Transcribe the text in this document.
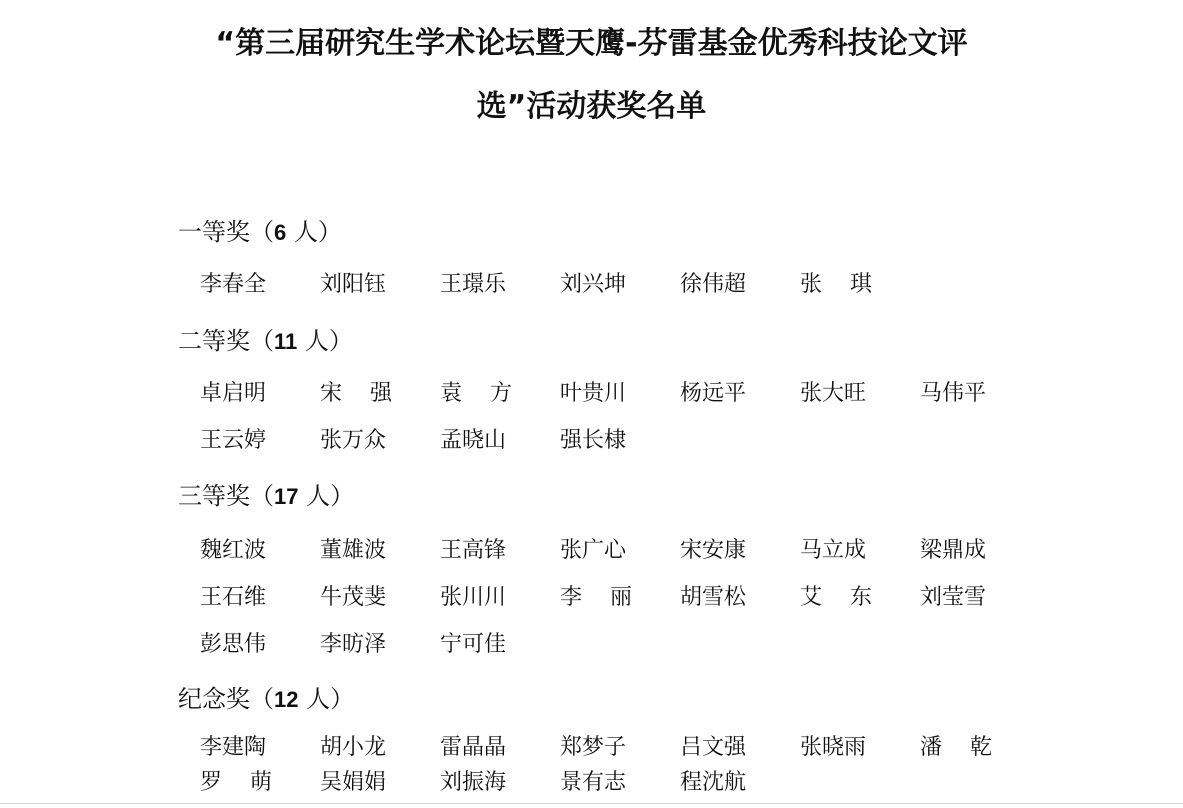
“第三届研究生学术论坛暨天鹰-芬雷基金优秀科技论文评
选”活动获奖名单
一等奖（6 人）
李春全 刘阳钰 王璟乐 刘兴坤 徐伟超 张 琪
二等奖（11 人）
卓启明 宋 强 袁 方 叶贵川 杨远平 张大旺 马伟平
王云婷 张万众 孟晓山 强长棣
三等奖（17 人）
魏红波 董雄波 王高锋 张广心 宋安康 马立成 梁鼎成
王石维 牛茂斐 张川川 李 丽 胡雪松 艾 东 刘莹雪
彭思伟 李昉泽 宁可佳
纪念奖（12 人）
李建陶 胡小龙 雷晶晶 郑梦子 吕文强 张晓雨 潘 乾
罗 萌 吴娟娟 刘振海 景有志 程沈航
